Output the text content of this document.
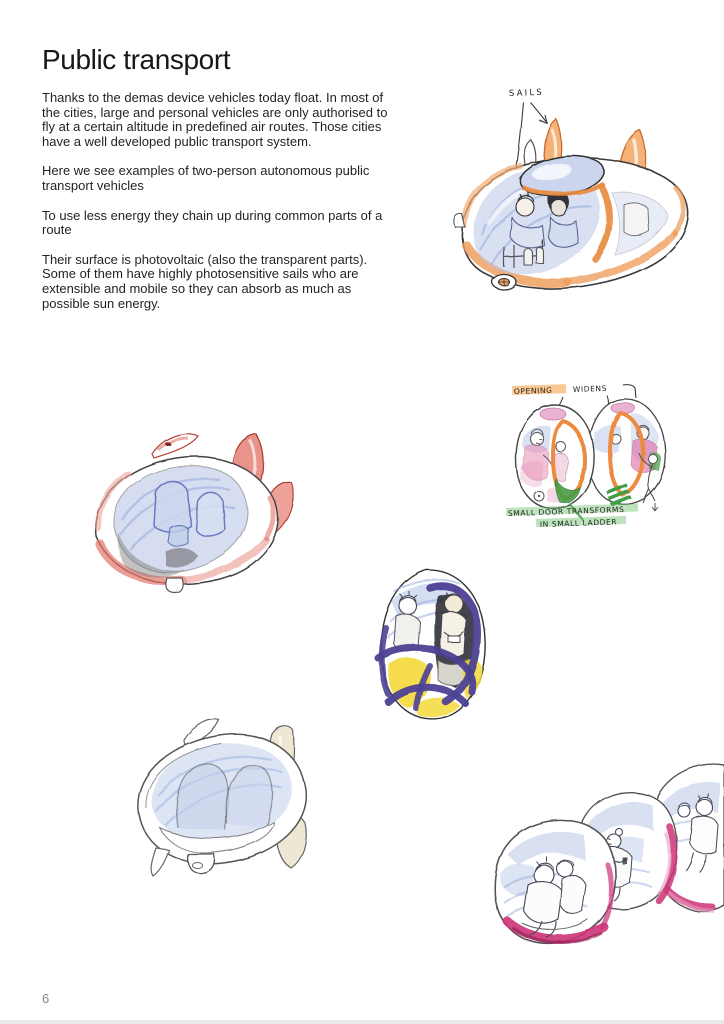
Public transport

Thanks to the demas device vehicles today float. In most of the cities, large and personal vehicles are only authorised to fly at a certain altitude in predefined air routes. Those cities have a well developed public transport system.

Here we see examples of two-person autonomous public transport vehicles

To use less energy they chain up during common parts of a route

Their surface is photovoltaic (also the transparent parts). Some of them have highly photosensitive sails who are extensible and mobile so they can absorb as much as possible sun energy.

SAILS
OPENING	WIDENS
SMALL DOOR TRANSFORMS
IN SMALL LADDER
6
